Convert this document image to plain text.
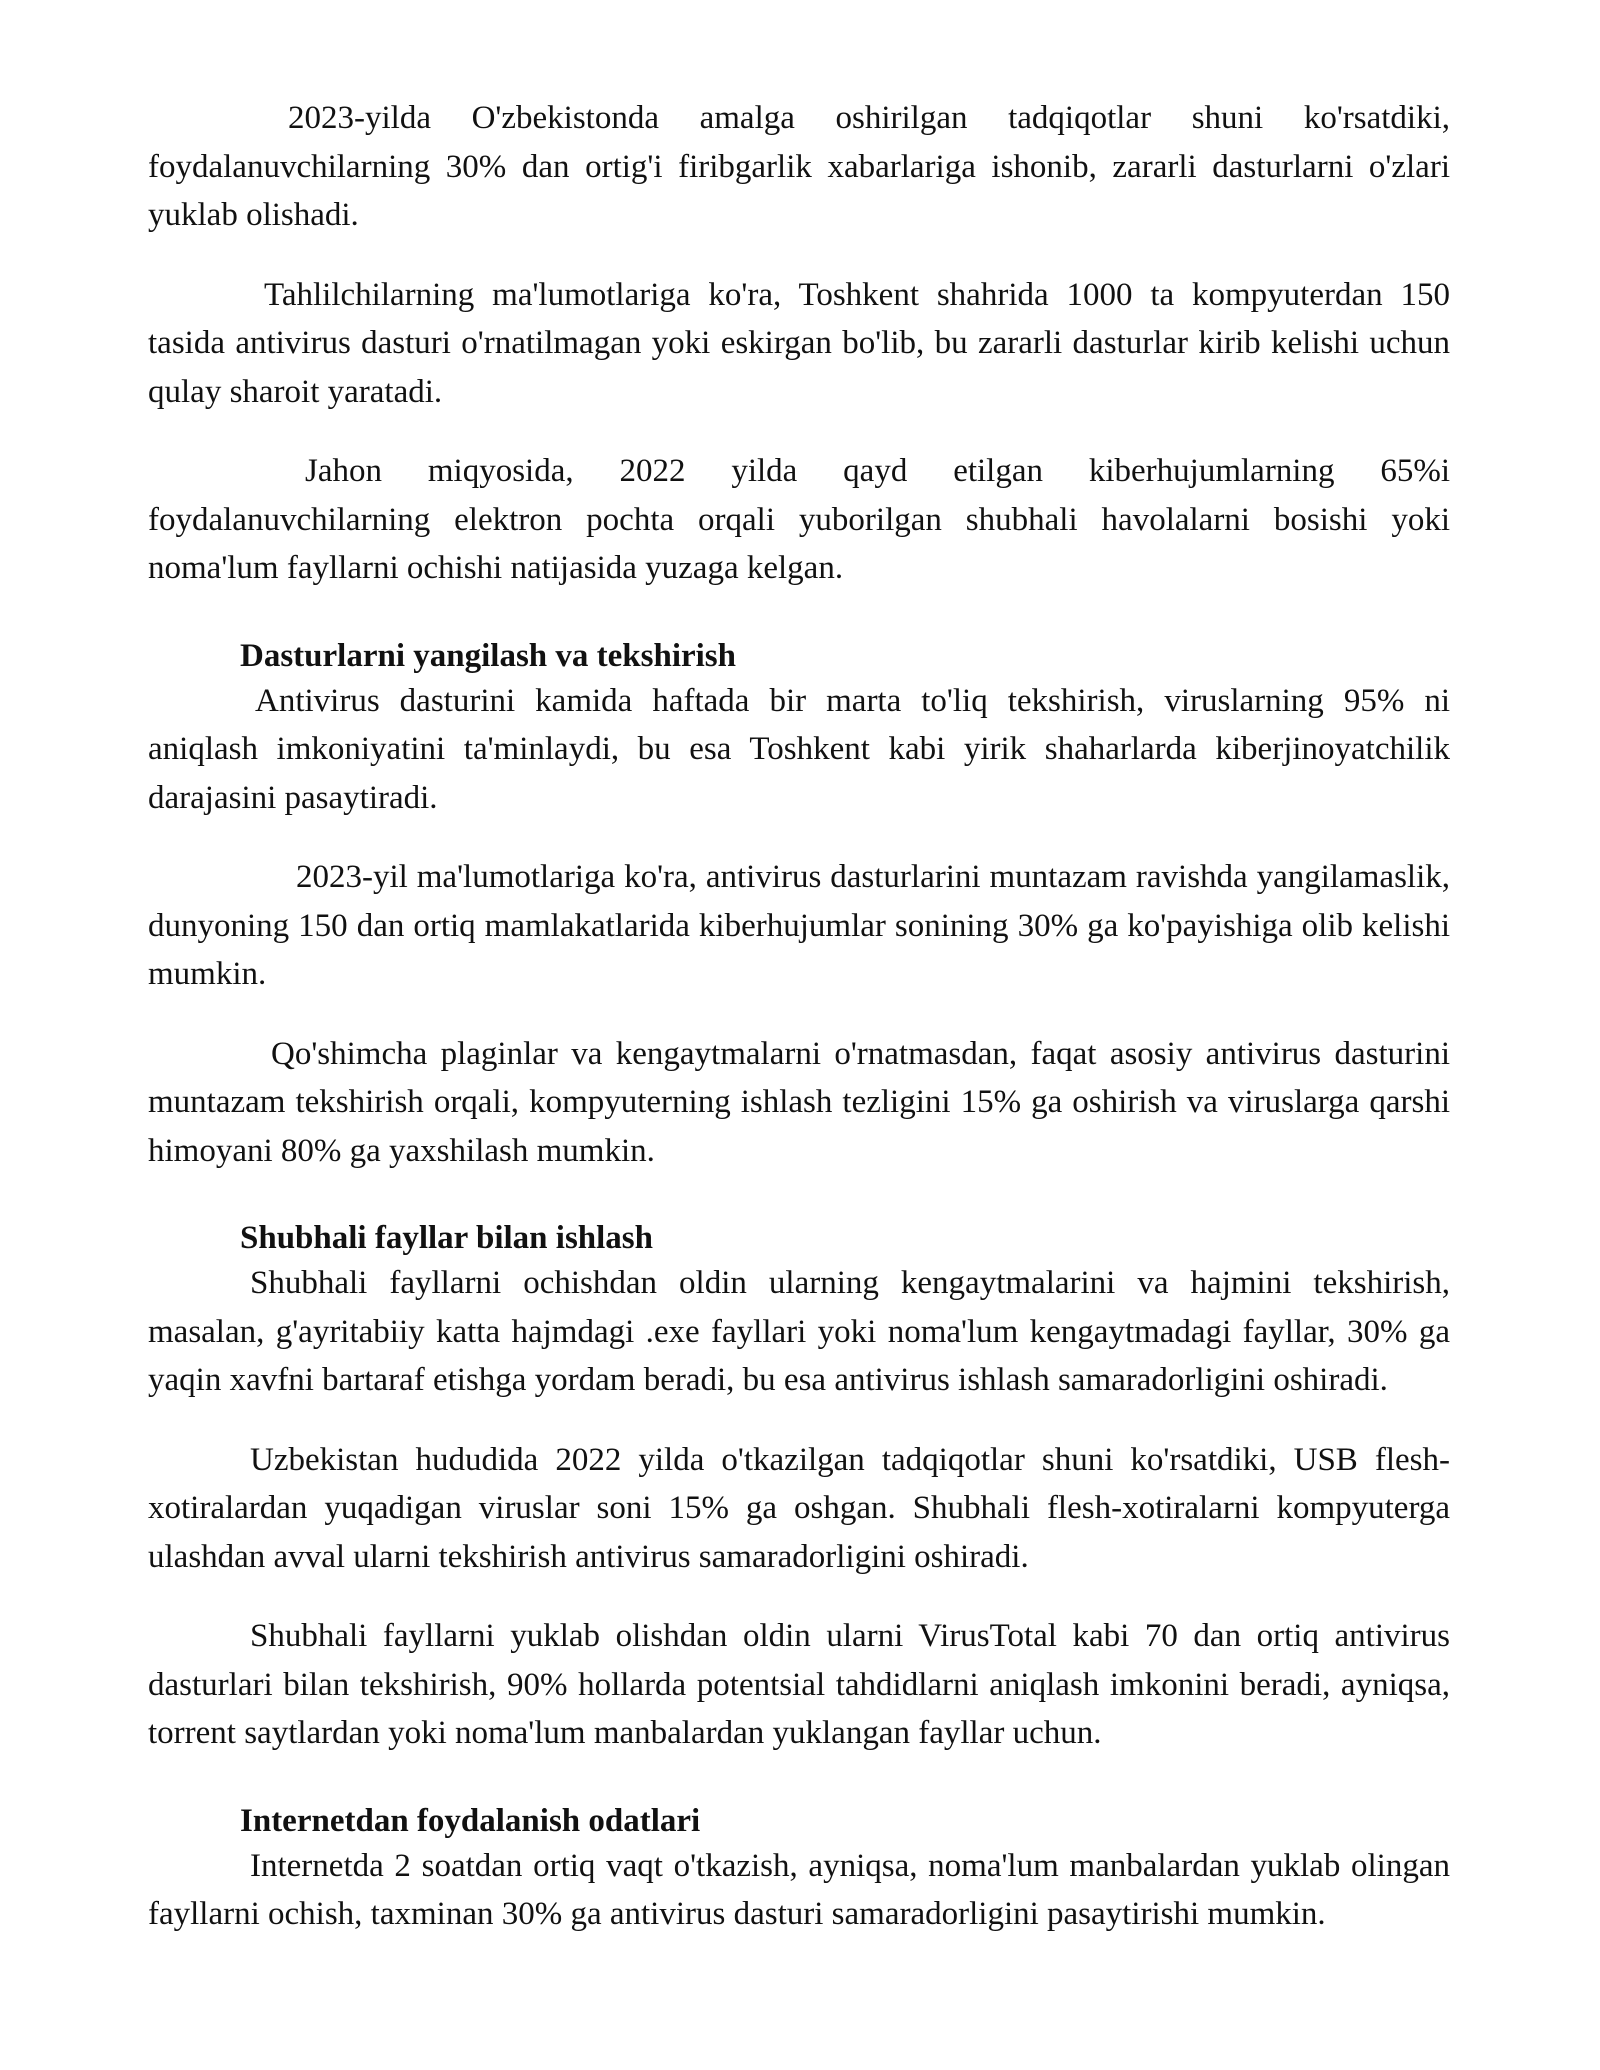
2023-yilda O'zbekistonda amalga oshirilgan tadqiqotlar shuni ko'rsatdiki, foydalanuvchilarning 30% dan ortig'i firibgarlik xabarlariga ishonib, zararli dasturlarni o'zlari yuklab olishadi.

Tahlilchilarning ma'lumotlariga ko'ra, Toshkent shahrida 1000 ta kompyuterdan 150 tasida antivirus dasturi o'rnatilmagan yoki eskirgan bo'lib, bu zararli dasturlar kirib kelishi uchun qulay sharoit yaratadi.

Jahon miqyosida, 2022 yilda qayd etilgan kiberhujumlarning 65%i foydalanuvchilarning elektron pochta orqali yuborilgan shubhali havolalarni bosishi yoki noma'lum fayllarni ochishi natijasida yuzaga kelgan.

Dasturlarni yangilash va tekshirish

Antivirus dasturini kamida haftada bir marta to'liq tekshirish, viruslarning 95% ni aniqlash imkoniyatini ta'minlaydi, bu esa Toshkent kabi yirik shaharlarda kiberjinoyatchilik darajasini pasaytiradi.

2023-yil ma'lumotlariga ko'ra, antivirus dasturlarini muntazam ravishda yangilamaslik, dunyoning 150 dan ortiq mamlakatlarida kiberhujumlar sonining 30% ga ko'payishiga olib kelishi mumkin.

Qo'shimcha plaginlar va kengaytmalarni o'rnatmasdan, faqat asosiy antivirus dasturini muntazam tekshirish orqali, kompyuterning ishlash tezligini 15% ga oshirish va viruslarga qarshi himoyani 80% ga yaxshilash mumkin.

Shubhali fayllar bilan ishlash

Shubhali fayllarni ochishdan oldin ularning kengaytmalarini va hajmini tekshirish, masalan, g'ayritabiiy katta hajmdagi .exe fayllari yoki noma'lum kengaytmadagi fayllar, 30% ga yaqin xavfni bartaraf etishga yordam beradi, bu esa antivirus ishlash samaradorligini oshiradi.

Uzbekistan hududida 2022 yilda o'tkazilgan tadqiqotlar shuni ko'rsatdiki, USB flesh-xotiralardan yuqadigan viruslar soni 15% ga oshgan. Shubhali flesh-xotiralarni kompyuterga ulashdan avval ularni tekshirish antivirus samaradorligini oshiradi.

Shubhali fayllarni yuklab olishdan oldin ularni VirusTotal kabi 70 dan ortiq antivirus dasturlari bilan tekshirish, 90% hollarda potentsial tahdidlarni aniqlash imkonini beradi, ayniqsa, torrent saytlardan yoki noma'lum manbalardan yuklangan fayllar uchun.

Internetdan foydalanish odatlari

Internetda 2 soatdan ortiq vaqt o'tkazish, ayniqsa, noma'lum manbalardan yuklab olingan fayllarni ochish, taxminan 30% ga antivirus dasturi samaradorligini pasaytirishi mumkin.
